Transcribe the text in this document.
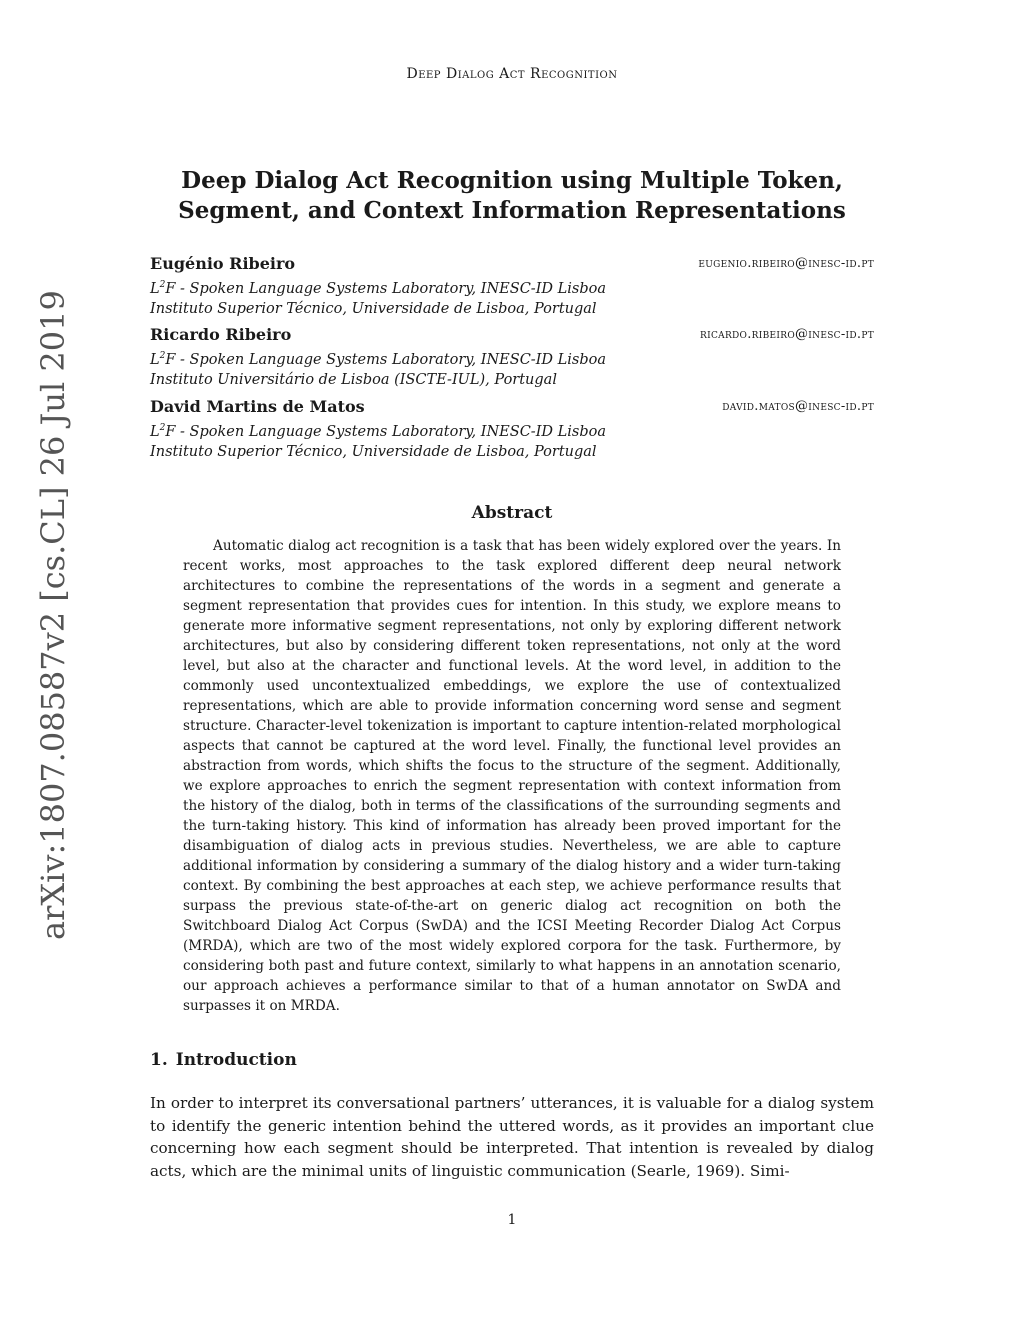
Deep Dialog Act Recognition
arXiv:1807.08587v2 [cs.CL] 26 Jul 2019
Deep Dialog Act Recognition using Multiple Token,
Segment, and Context Information Representations
Eugénio Ribeiro	eugenio.ribeiro@inesc-id.pt
$L^2F$ - Spoken Language Systems Laboratory, INESC-ID Lisboa
Instituto Superior Técnico, Universidade de Lisboa, Portugal
Ricardo Ribeiro	ricardo.ribeiro@inesc-id.pt
$L^2F$ - Spoken Language Systems Laboratory, INESC-ID Lisboa
Instituto Universitário de Lisboa (ISCTE-IUL), Portugal
David Martins de Matos	david.matos@inesc-id.pt
$L^2F$ - Spoken Language Systems Laboratory, INESC-ID Lisboa
Instituto Superior Técnico, Universidade de Lisboa, Portugal
Abstract

Automatic dialog act recognition is a task that has been widely explored over the years. In recent works, most approaches to the task explored different deep neural network architectures to combine the representations of the words in a segment and generate a segment representation that provides cues for intention. In this study, we explore means to generate more informative segment representations, not only by exploring different network architectures, but also by considering different token representations, not only at the word level, but also at the character and functional levels. At the word level, in addition to the commonly used uncontextualized embeddings, we explore the use of contextualized representations, which are able to provide information concerning word sense and segment structure. Character-level tokenization is important to capture intention-related morphological aspects that cannot be captured at the word level. Finally, the functional level provides an abstraction from words, which shifts the focus to the structure of the segment. Additionally, we explore approaches to enrich the segment representation with context information from the history of the dialog, both in terms of the classifications of the surrounding segments and the turn-taking history. This kind of information has already been proved important for the disambiguation of dialog acts in previous studies. Nevertheless, we are able to capture additional information by considering a summary of the dialog history and a wider turn-taking context. By combining the best approaches at each step, we achieve performance results that surpass the previous state-of-the-art on generic dialog act recognition on both the Switchboard Dialog Act Corpus (SwDA) and the ICSI Meeting Recorder Dialog Act Corpus (MRDA), which are two of the most widely explored corpora for the task. Furthermore, by considering both past and future context, similarly to what happens in an annotation scenario, our approach achieves a performance similar to that of a human annotator on SwDA and surpasses it on MRDA.

1. Introduction

In order to interpret its conversational partners’ utterances, it is valuable for a dialog system to identify the generic intention behind the uttered words, as it provides an important clue concerning how each segment should be interpreted. That intention is revealed by dialog acts, which are the minimal units of linguistic communication (Searle, 1969). Simi-

1
